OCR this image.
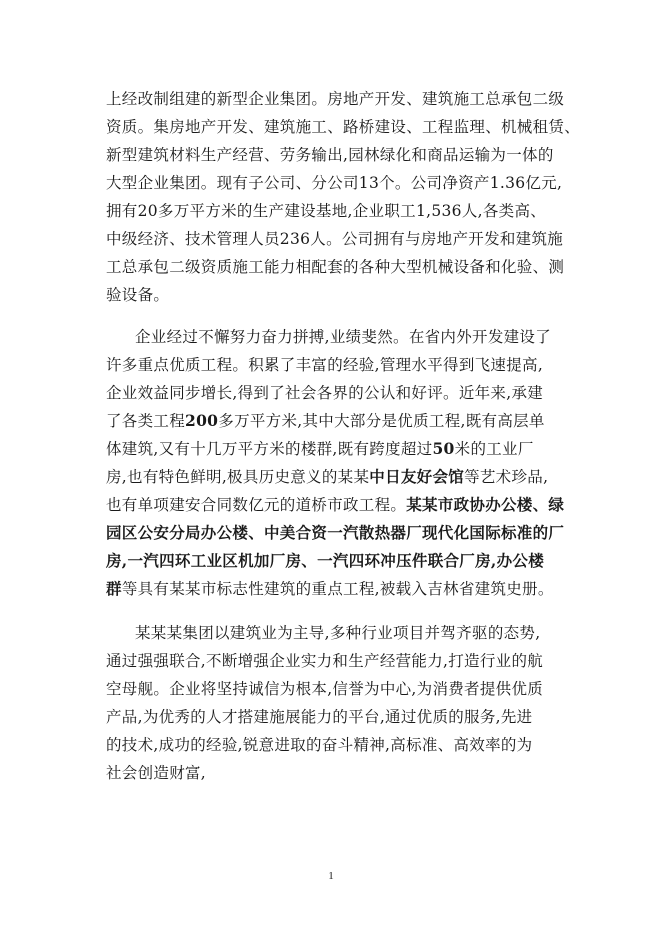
上经改制组建的新型企业集团。房地产开发、建筑施工总承包二级
资质。集房地产开发、建筑施工、路桥建设、工程监理、机械租赁、
新型建筑材料生产经营、劳务输出,园林绿化和商品运输为一体的
大型企业集团。现有子公司、分公司13个。公司净资产1.36亿元,
拥有20多万平方米的生产建设基地,企业职工1,536人,各类高、
中级经济、技术管理人员236人。公司拥有与房地产开发和建筑施
工总承包二级资质施工能力相配套的各种大型机械设备和化验、测
验设备。
企业经过不懈努力奋力拼搏,业绩斐然。在省内外开发建设了
许多重点优质工程。积累了丰富的经验,管理水平得到飞速提高,
企业效益同步增长,得到了社会各界的公认和好评。近年来,承建
了各类工程200多万平方米,其中大部分是优质工程,既有高层单
体建筑,又有十几万平方米的楼群,既有跨度超过50米的工业厂
房,也有特色鲜明,极具历史意义的某某中日友好会馆等艺术珍品,
也有单项建安合同数亿元的道桥市政工程。某某市政协办公楼、绿
园区公安分局办公楼、中美合资一汽散热器厂现代化国际标准的厂
房,一汽四环工业区机加厂房、一汽四环冲压件联合厂房,办公楼
群等具有某某市标志性建筑的重点工程,被载入吉林省建筑史册。
某某某集团以建筑业为主导,多种行业项目并驾齐驱的态势,
通过强强联合,不断增强企业实力和生产经营能力,打造行业的航
空母舰。企业将坚持诚信为根本,信誉为中心,为消费者提供优质
产品,为优秀的人才搭建施展能力的平台,通过优质的服务,先进
的技术,成功的经验,锐意进取的奋斗精神,高标准、高效率的为
社会创造财富,
1
